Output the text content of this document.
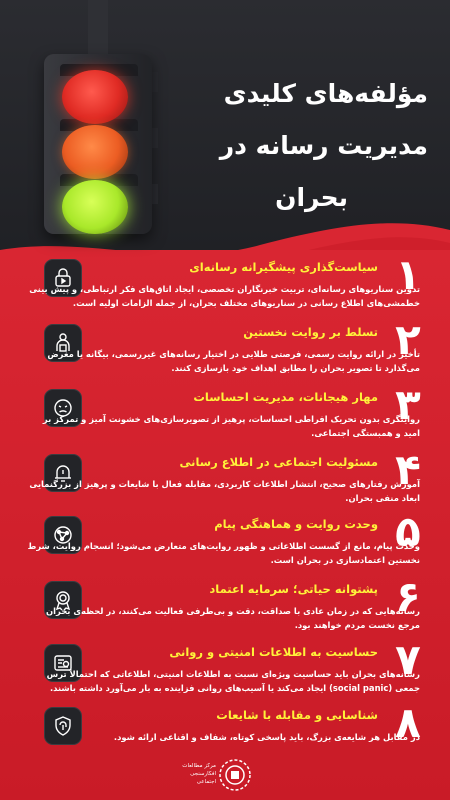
مؤلفه‌های کلیدی
مدیریت رسانه در
بحران
۱
سیاست‌گذاری پیشگیرانه رسانه‌ای
تدوین سناریوهای رسانه‌ای، تربیت خبرنگاران تخصصی، ایجاد اتاق‌های فکر ارتباطی، و پیش بینی خطمشی‌های اطلاع رسانی در سناریوهای مختلف بحران، از جمله الزامات اولیه است.
۲
تسلط بر روایت نخستین
تأخیر در ارائه روایت رسمی، فرصتی طلایی در اختیار رسانه‌های غیررسمی، بیگانه یا مغرض می‌گذارد تا تصویر بحران را مطابق اهداف خود بازسازی کنند.
۳
مهار هیجانات، مدیریت احساسات
روایتگری بدون تحریک افراطی احساسات، پرهیز از تصویرسازی‌های خشونت آمیز و تمرکز بر امید و همبستگی اجتماعی.
۴
مسئولیت اجتماعی در اطلاع رسانی
آموزش رفتارهای صحیح، انتشار اطلاعات کاربردی، مقابله فعال با شایعات و پرهیز از بزرگنمایی ابعاد منفی بحران.
۵
وحدت روایت و هماهنگی پیام
وحدت پیام، مانع از گسست اطلاعاتی و ظهور روایت‌های متعارض می‌شود؛ انسجام روایت، شرط نخستین اعتمادسازی در بحران است.
۶
پشتوانه حیاتی؛ سرمایه اعتماد
رسانه‌هایی که در زمان عادی با صداقت، دقت و بی‌طرفی فعالیت می‌کنند، در لحظه‌ی بحران مرجع نخست مردم خواهند بود.
۷
حساسیت به اطلاعات امنیتی و روانی
رسانه‌های بحران باید حساسیت ویژه‌ای نسبت به اطلاعات امنیتی، اطلاعاتی که احتمالاً ترس جمعی (social panic) ایجاد می‌کند یا آسیب‌های روانی فزاینده به بار می‌آورد داشته باشند.
۸
شناسایی و مقابله با شایعات
در مقابل هر شایعه‌ی بزرگ، باید پاسخی کوتاه، شفاف و اقناعی ارائه شود.
مرکز مطالعات
افکارسنجی
اجتماعی
